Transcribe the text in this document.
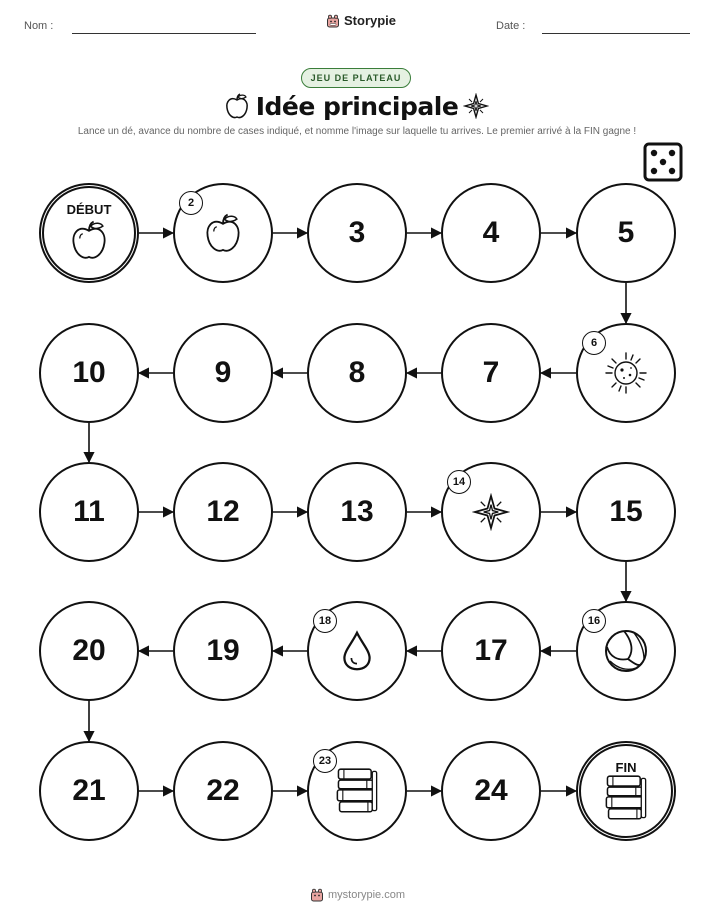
Nom :	Storypie	Date :
JEU DE PLATEAU
Idée principale
Lance un dé, avance du nombre de cases indiqué, et nomme l'image sur laquelle tu arrives. Le premier arrivé à la FIN gagne !
DÉBUT	2
3	4	5
6
7
8
9
10
11	12	13
14
15
16
17
18
19
20
21	22
23
24
FIN
mystorypie.com
